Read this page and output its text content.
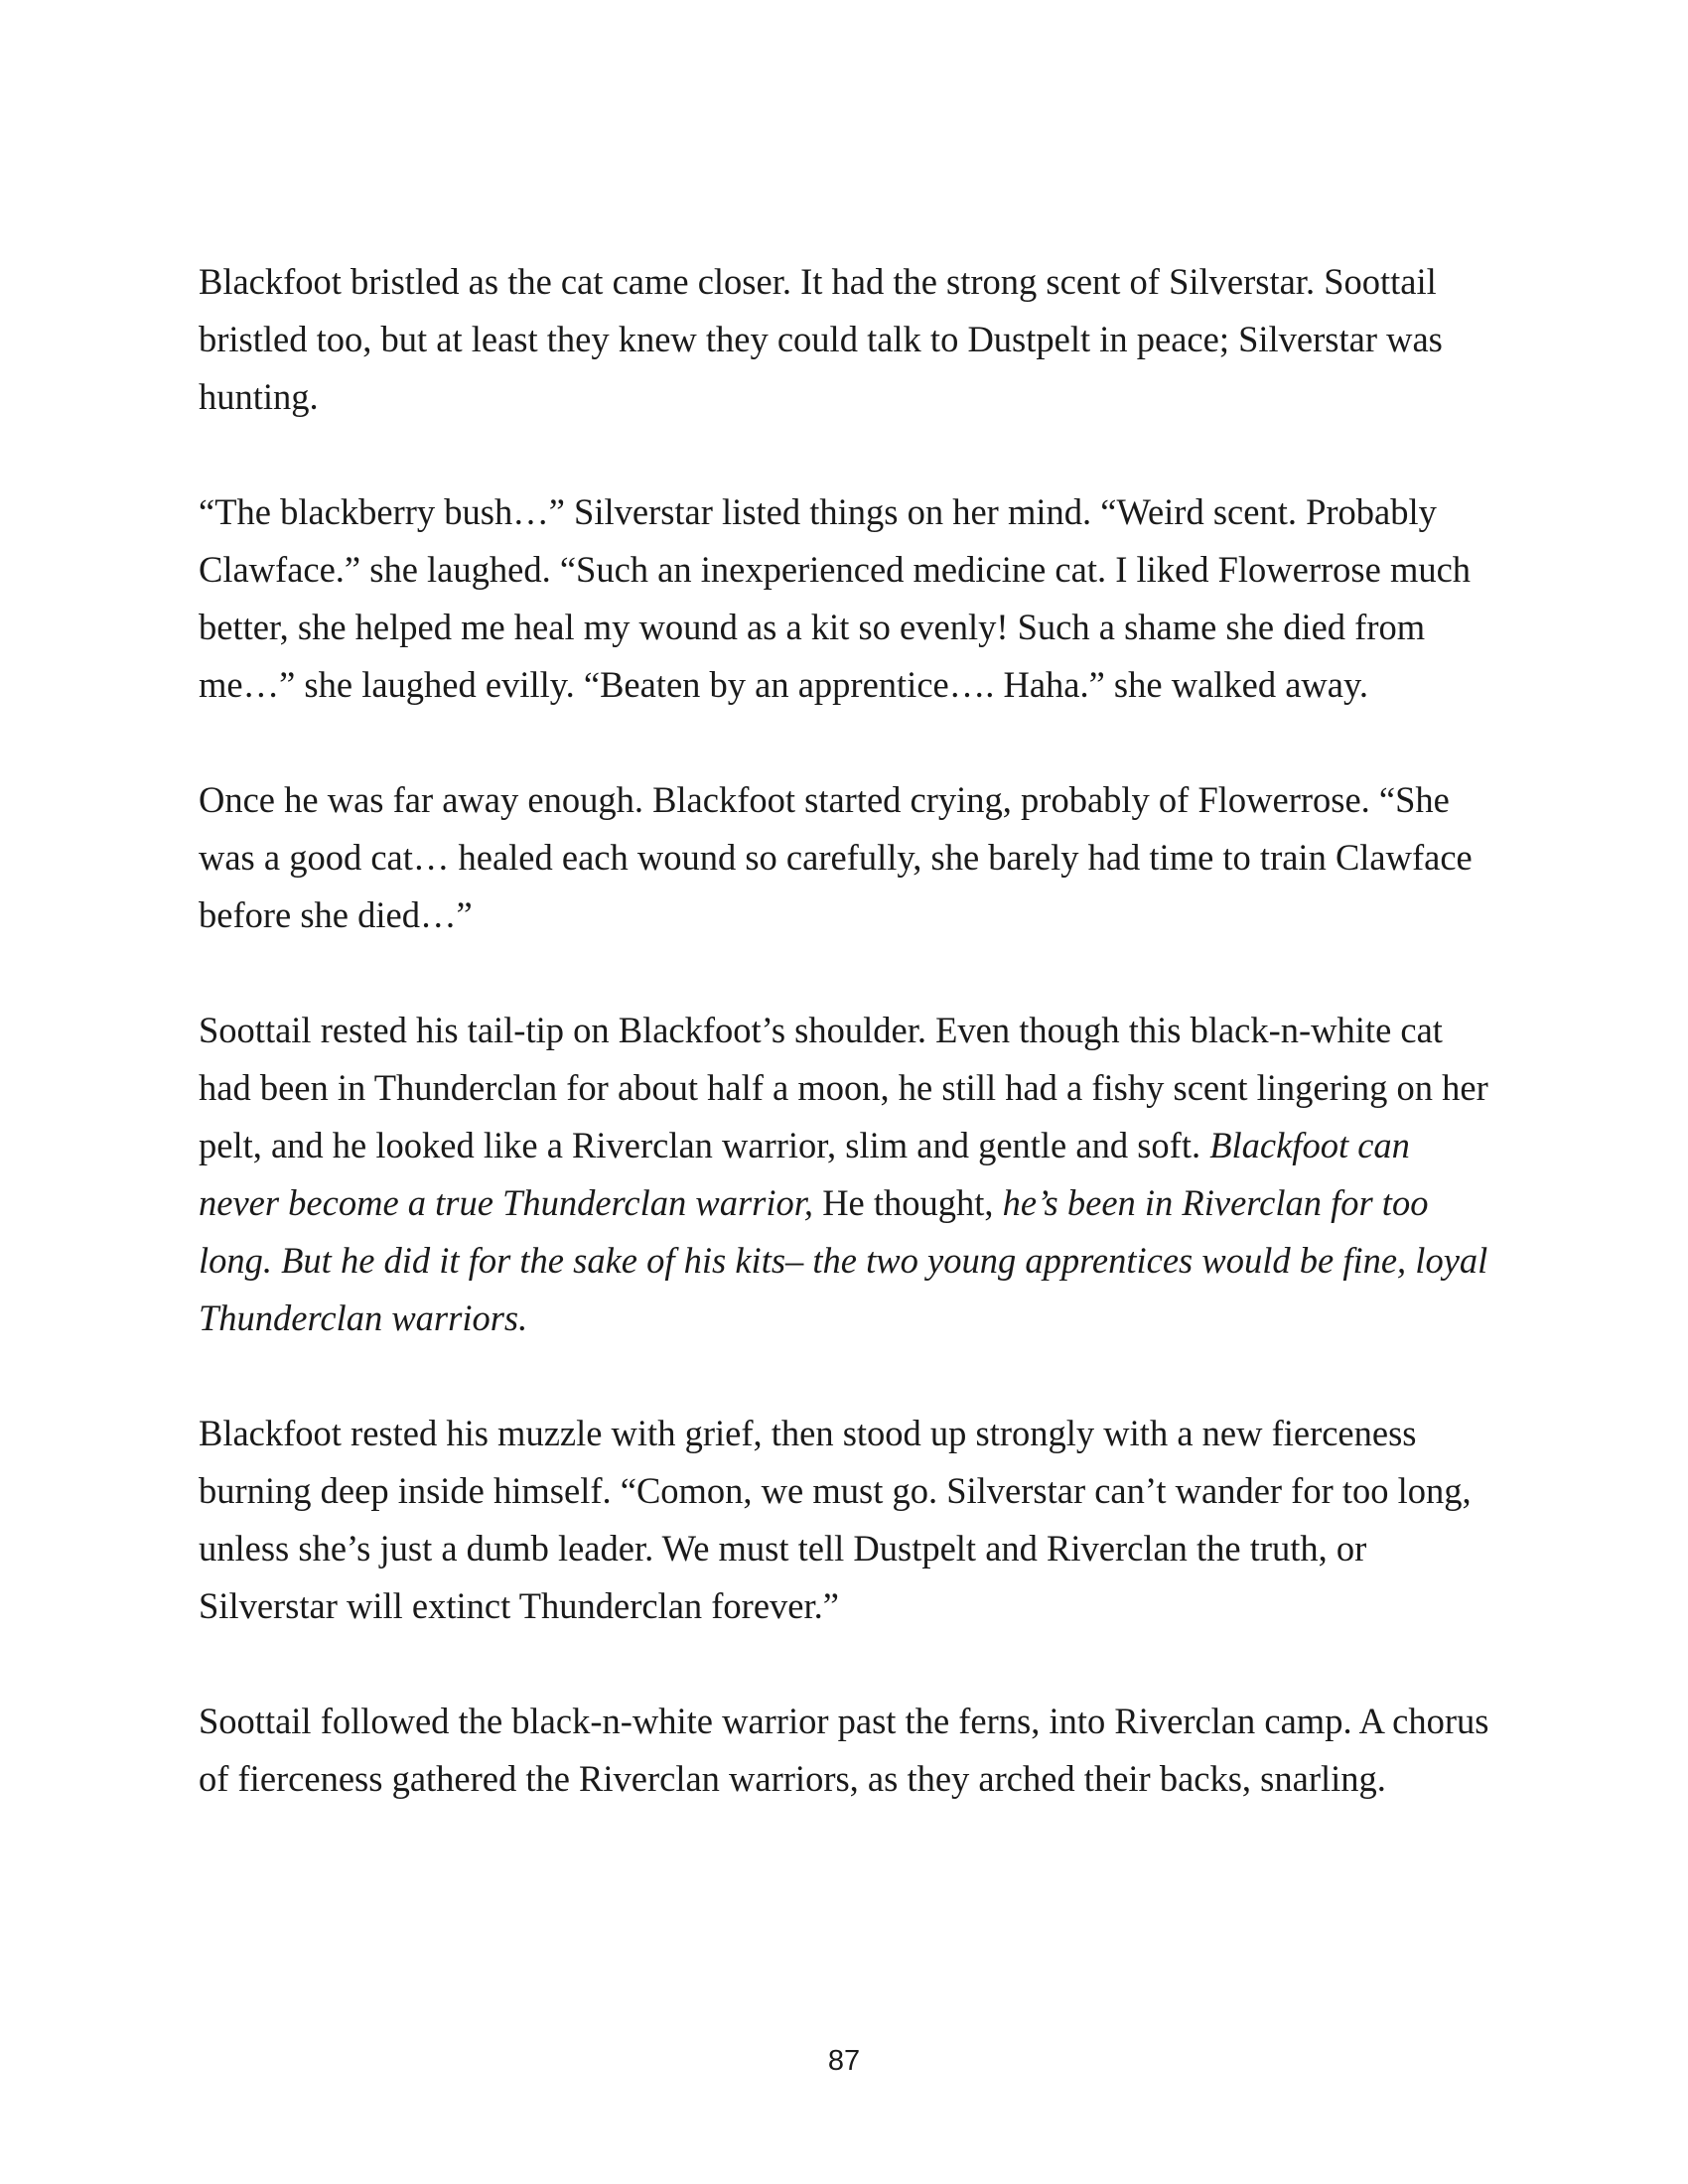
Blackfoot bristled as the cat came closer. It had the strong scent of Silverstar. Soottail bristled too, but at least they knew they could talk to Dustpelt in peace; Silverstar was hunting.

“The blackberry bush…” Silverstar listed things on her mind. “Weird scent. Probably Clawface.” she laughed. “Such an inexperienced medicine cat. I liked Flowerrose much better, she helped me heal my wound as a kit so evenly! Such a shame she died from me…” she laughed evilly. “Beaten by an apprentice…. Haha.” she walked away.

Once he was far away enough. Blackfoot started crying, probably of Flowerrose. “She was a good cat… healed each wound so carefully, she barely had time to train Clawface before she died…”

Soottail rested his tail-tip on Blackfoot’s shoulder. Even though this black-n-white cat had been in Thunderclan for about half a moon, he still had a fishy scent lingering on her pelt, and he looked like a Riverclan warrior, slim and gentle and soft. Blackfoot can never become a true Thunderclan warrior, He thought, he’s been in Riverclan for too long. But he did it for the sake of his kits– the two young apprentices would be fine, loyal Thunderclan warriors.

Blackfoot rested his muzzle with grief, then stood up strongly with a new fierceness burning deep inside himself. “Comon, we must go. Silverstar can’t wander for too long, unless she’s just a dumb leader. We must tell Dustpelt and Riverclan the truth, or Silverstar will extinct Thunderclan forever.”

Soottail followed the black-n-white warrior past the ferns, into Riverclan camp. A chorus of fierceness gathered the Riverclan warriors, as they arched their backs, snarling.

87
